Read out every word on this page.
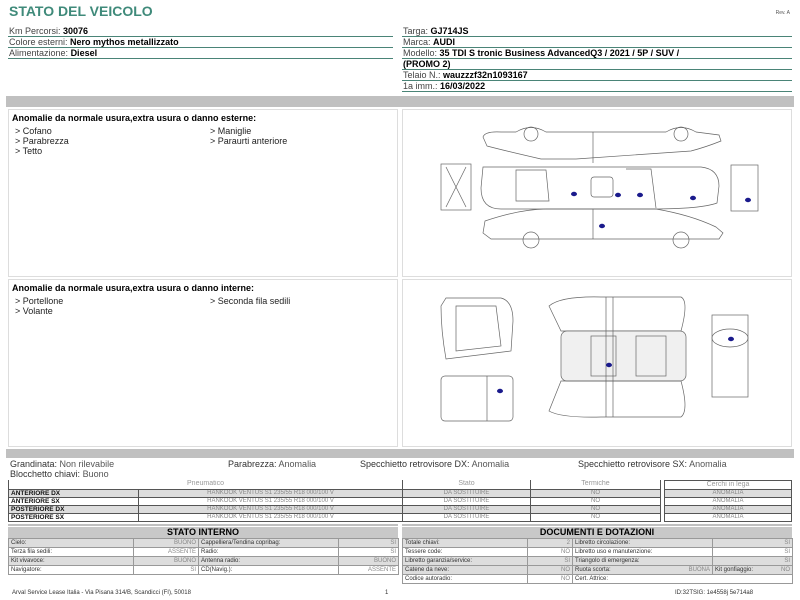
STATO DEL VEICOLO	Rev. A
Km Percorsi: 30076
Colore esterni: Nero mythos metallizzato
Alimentazione: Diesel
Targa: GJ714JS
Marca: AUDI
Modello: 35 TDI S tronic Business AdvancedQ3 / 2021 / 5P / SUV /
(PROMO 2)
Telaio N.: wauzzzf32n1093167
1a imm.: 16/03/2022
Anomalie da normale usura,extra usura o danno esterne:
> Cofano	> Maniglie
> Parabrezza	> Paraurti anteriore
> Tetto
Anomalie da normale usura,extra usura o danno interne:
> Portellone	> Seconda fila sedili
> Volante
Grandinata: Non rilevabile
Blocchetto chiavi: Buono
Parabrezza: Anomalia	Specchietto retrovisore DX: Anomalia	Specchietto retrovisore SX: Anomalia
Pneumatico		Stato	Termiche
ANTERIORE DX	HANKOOK VENTUS S1 235/55 R18 000/100 V	DA SOSTITUIRE	NO
ANTERIORE SX	HANKOOK VENTUS S1 235/55 R18 000/100 V	DA SOSTITUIRE	NO
POSTERIORE DX	HANKOOK VENTUS S1 235/55 R18 000/100 V	DA SOSTITUIRE	NO
POSTERIORE SX	HANKOOK VENTUS S1 235/55 R18 000/100 V	DA SOSTITUIRE	NO
Cerchi in lega
ANOMALIA
ANOMALIA
ANOMALIA
ANOMALIA
STATO INTERNO
Cielo:	BUONO	Cappelliera/Tendina copribag:	SI
Terza fila sedili:	ASSENTE	Radio:	SI
Kit vivavoce:	BUONO	Antenna radio:	BUONO
Navigatore:	SI	CD(Navig.):	ASSENTE
DOCUMENTI E DOTAZIONI
Totale chiavi:	2	Libretto circolazione:	SI
Tessere code:	NO	Libretto uso e manutenzione:	SI
Libretto garanzia/service:	SI	Triangolo di emergenza:	SI
Catene da neve:	NO	Ruota scorta: BUONA	Kit gonfiaggio: NO

Codice autoradio:	NO	Cert. Attrice:	
Arval Service Lease Italia - Via Pisana 314/B, Scandicci (FI), 50018	1	ID:32TSIG: 1e4558j 5e714a8
